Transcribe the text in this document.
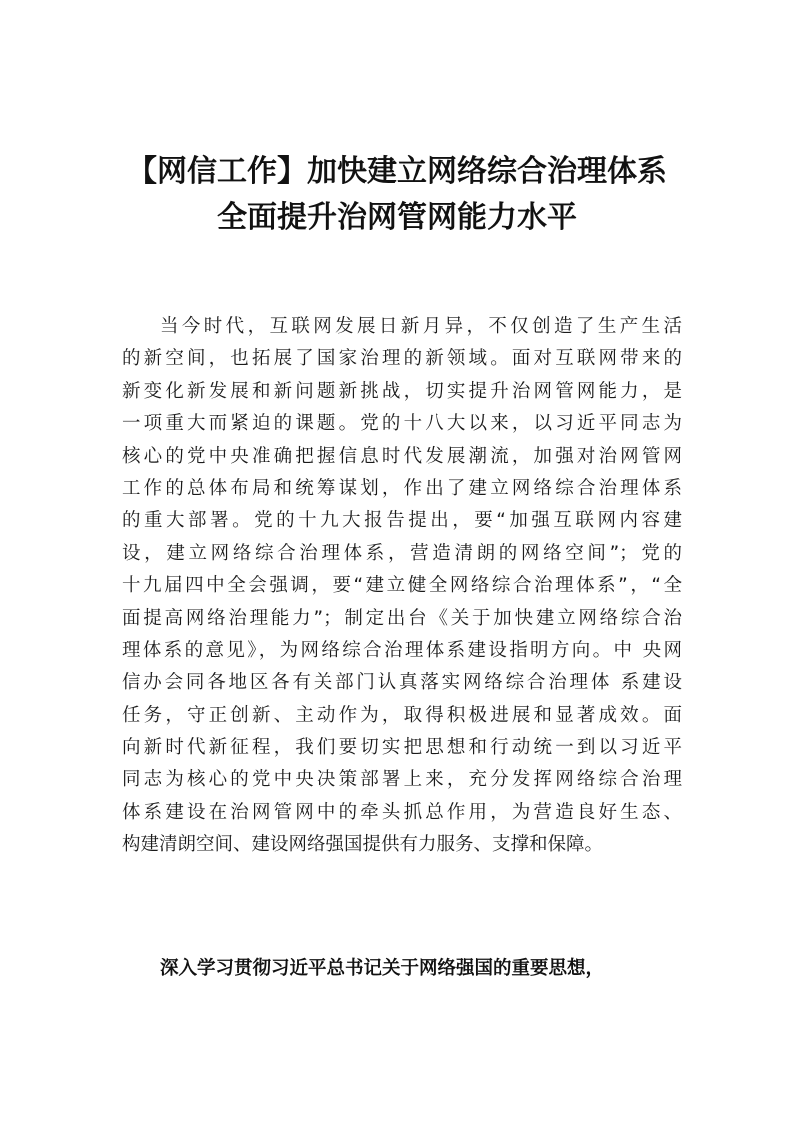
【网信工作】加快建立网络综合治理体系
全面提升治网管网能力水平
当今时代，互联网发展日新月异，不仅创造了生产生活
的新空间，也拓展了国家治理的新领域。面对互联网带来的
新变化新发展和新问题新挑战，切实提升治网管网能力，是
一项重大而紧迫的课题。党的十八大以来，以习近平同志为
核心的党中央准确把握信息时代发展潮流，加强对治网管网
工作的总体布局和统筹谋划，作出了建立网络综合治理体系
的重大部署。党的十九大报告提出，要“加强互联网内容建
设，建立网络综合治理体系，营造清朗的网络空间”；党的
十九届四中全会强调，要“建立健全网络综合治理体系”，“全
面提高网络治理能力”；制定出台《关于加快建立网络综合治
理体系的意见》，为网络综合治理体系建设指明方向。中 央网
信办会同各地区各有关部门认真落实网络综合治理体 系建设
任务，守正创新、主动作为，取得积极进展和显著成效。面
向新时代新征程，我们要切实把思想和行动统一到以习近平
同志为核心的党中央决策部署上来，充分发挥网络综合治理
体系建设在治网管网中的牵头抓总作用，为营造良好生态、
构建清朗空间、建设网络强国提供有力服务、支撑和保障。
深入学习贯彻习近平总书记关于网络强国的重要思想，
